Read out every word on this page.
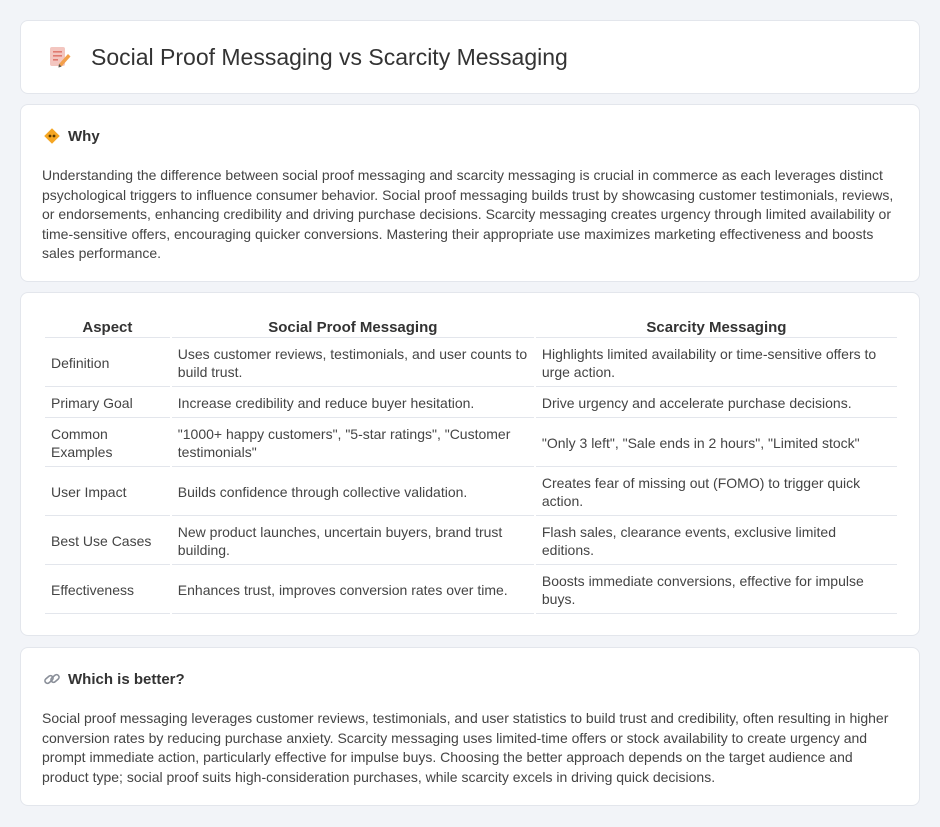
Social Proof Messaging vs Scarcity Messaging
Why

Understanding the difference between social proof messaging and scarcity messaging is crucial in commerce as each leverages distinct psychological triggers to influence consumer behavior. Social proof messaging builds trust by showcasing customer testimonials, reviews, or endorsements, enhancing credibility and driving purchase decisions. Scarcity messaging creates urgency through limited availability or time-sensitive offers, encouraging quicker conversions. Mastering their appropriate use maximizes marketing effectiveness and boosts sales performance.

Aspect	Social Proof Messaging	Scarcity Messaging
Definition	Uses customer reviews, testimonials, and user counts to build trust.	Highlights limited availability or time-sensitive offers to urge action.
Primary Goal	Increase credibility and reduce buyer hesitation.	Drive urgency and accelerate purchase decisions.
Common Examples	"1000+ happy customers", "5-star ratings", "Customer testimonials"	"Only 3 left", "Sale ends in 2 hours", "Limited stock"
User Impact	Builds confidence through collective validation.	Creates fear of missing out (FOMO) to trigger quick action.
Best Use Cases	New product launches, uncertain buyers, brand trust building.	Flash sales, clearance events, exclusive limited editions.
Effectiveness	Enhances trust, improves conversion rates over time.	Boosts immediate conversions, effective for impulse buys.
Which is better?

Social proof messaging leverages customer reviews, testimonials, and user statistics to build trust and credibility, often resulting in higher conversion rates by reducing purchase anxiety. Scarcity messaging uses limited-time offers or stock availability to create urgency and prompt immediate action, particularly effective for impulse buys. Choosing the better approach depends on the target audience and product type; social proof suits high-consideration purchases, while scarcity excels in driving quick decisions.
